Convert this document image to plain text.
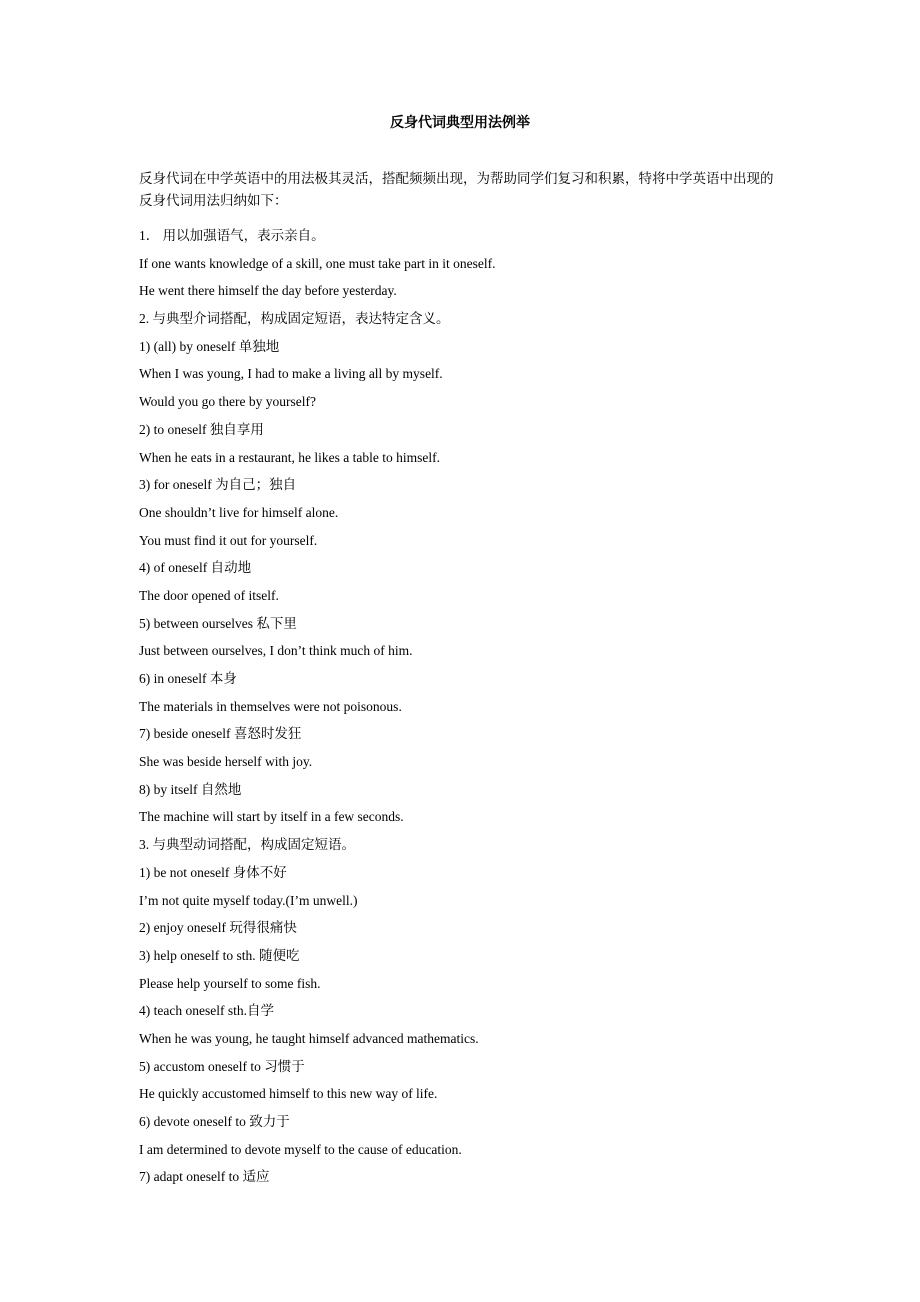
反身代词典型用法例举
反身代词在中学英语中的用法极其灵活，搭配频频出现，为帮助同学们复习和积累，特将中学英语中出现的反身代词用法归纳如下：
1． 用以加强语气，表示亲自。
If one wants knowledge of a skill, one must take part in it oneself.
He went there himself the day before yesterday.
2. 与典型介词搭配，构成固定短语，表达特定含义。
1) (all) by oneself 单独地
When I was young, I had to make a living all by myself.
Would you go there by yourself?
2) to oneself 独自享用
When he eats in a restaurant, he likes a table to himself.
3) for oneself 为自己；独自
One shouldn’t live for himself alone.
You must find it out for yourself.
4) of oneself 自动地
The door opened of itself.
5) between ourselves 私下里
Just between ourselves, I don’t think much of him.
6) in oneself 本身
The materials in themselves were not poisonous.
7) beside oneself 喜怒时发狂
She was beside herself with joy.
8) by itself 自然地
The machine will start by itself in a few seconds.
3. 与典型动词搭配，构成固定短语。
1) be not oneself 身体不好
I’m not quite myself today.(I’m unwell.)
2) enjoy oneself 玩得很痛快
3) help oneself to sth. 随便吃
Please help yourself to some fish.
4) teach oneself sth.自学
When he was young, he taught himself advanced mathematics.
5) accustom oneself to 习惯于
He quickly accustomed himself to this new way of life.
6) devote oneself to 致力于
I am determined to devote myself to the cause of education.
7) adapt oneself to 适应
